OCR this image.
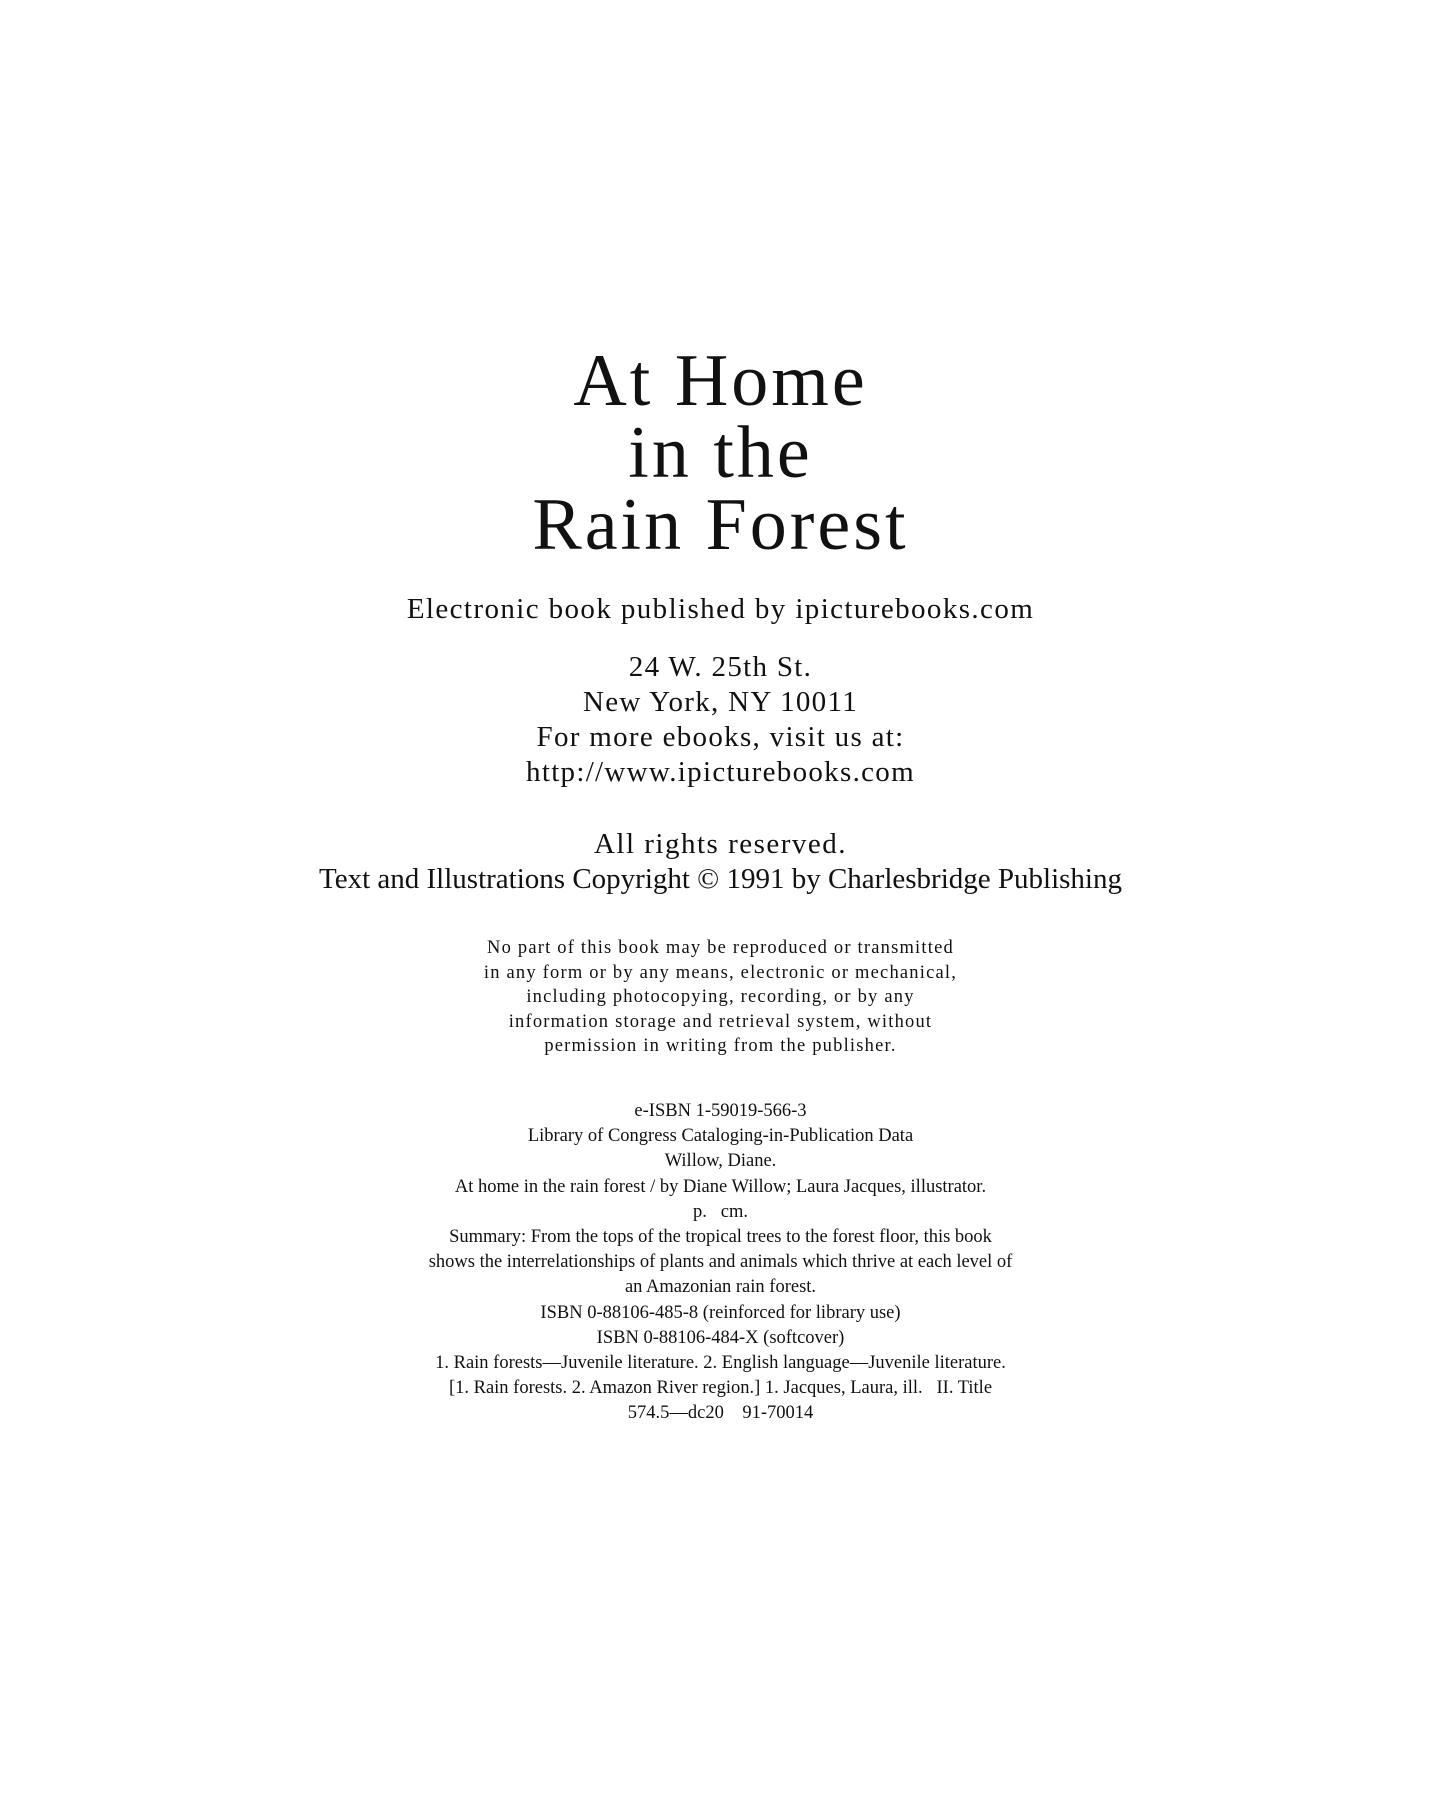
At Home
in the
Rain Forest

Electronic book published by ipicturebooks.com

24 W. 25th St.
New York, NY 10011
For more ebooks, visit us at:
http://www.ipicturebooks.com
All rights reserved.
Text and Illustrations Copyright © 1991 by Charlesbridge Publishing
No part of this book may be reproduced or transmitted
in any form or by any means, electronic or mechanical,
including photocopying, recording, or by any
information storage and retrieval system, without
permission in writing from the publisher.
e-ISBN 1-59019-566-3
Library of Congress Cataloging-in-Publication Data
Willow, Diane.
At home in the rain forest / by Diane Willow; Laura Jacques, illustrator.
p.   cm.
Summary: From the tops of the tropical trees to the forest floor, this book
shows the interrelationships of plants and animals which thrive at each level of
an Amazonian rain forest.
ISBN 0-88106-485-8 (reinforced for library use)
ISBN 0-88106-484-X (softcover)
1. Rain forests—Juvenile literature. 2. English language—Juvenile literature.
[1. Rain forests. 2. Amazon River region.] 1. Jacques, Laura, ill.   II. Title
574.5—dc20    91-70014
